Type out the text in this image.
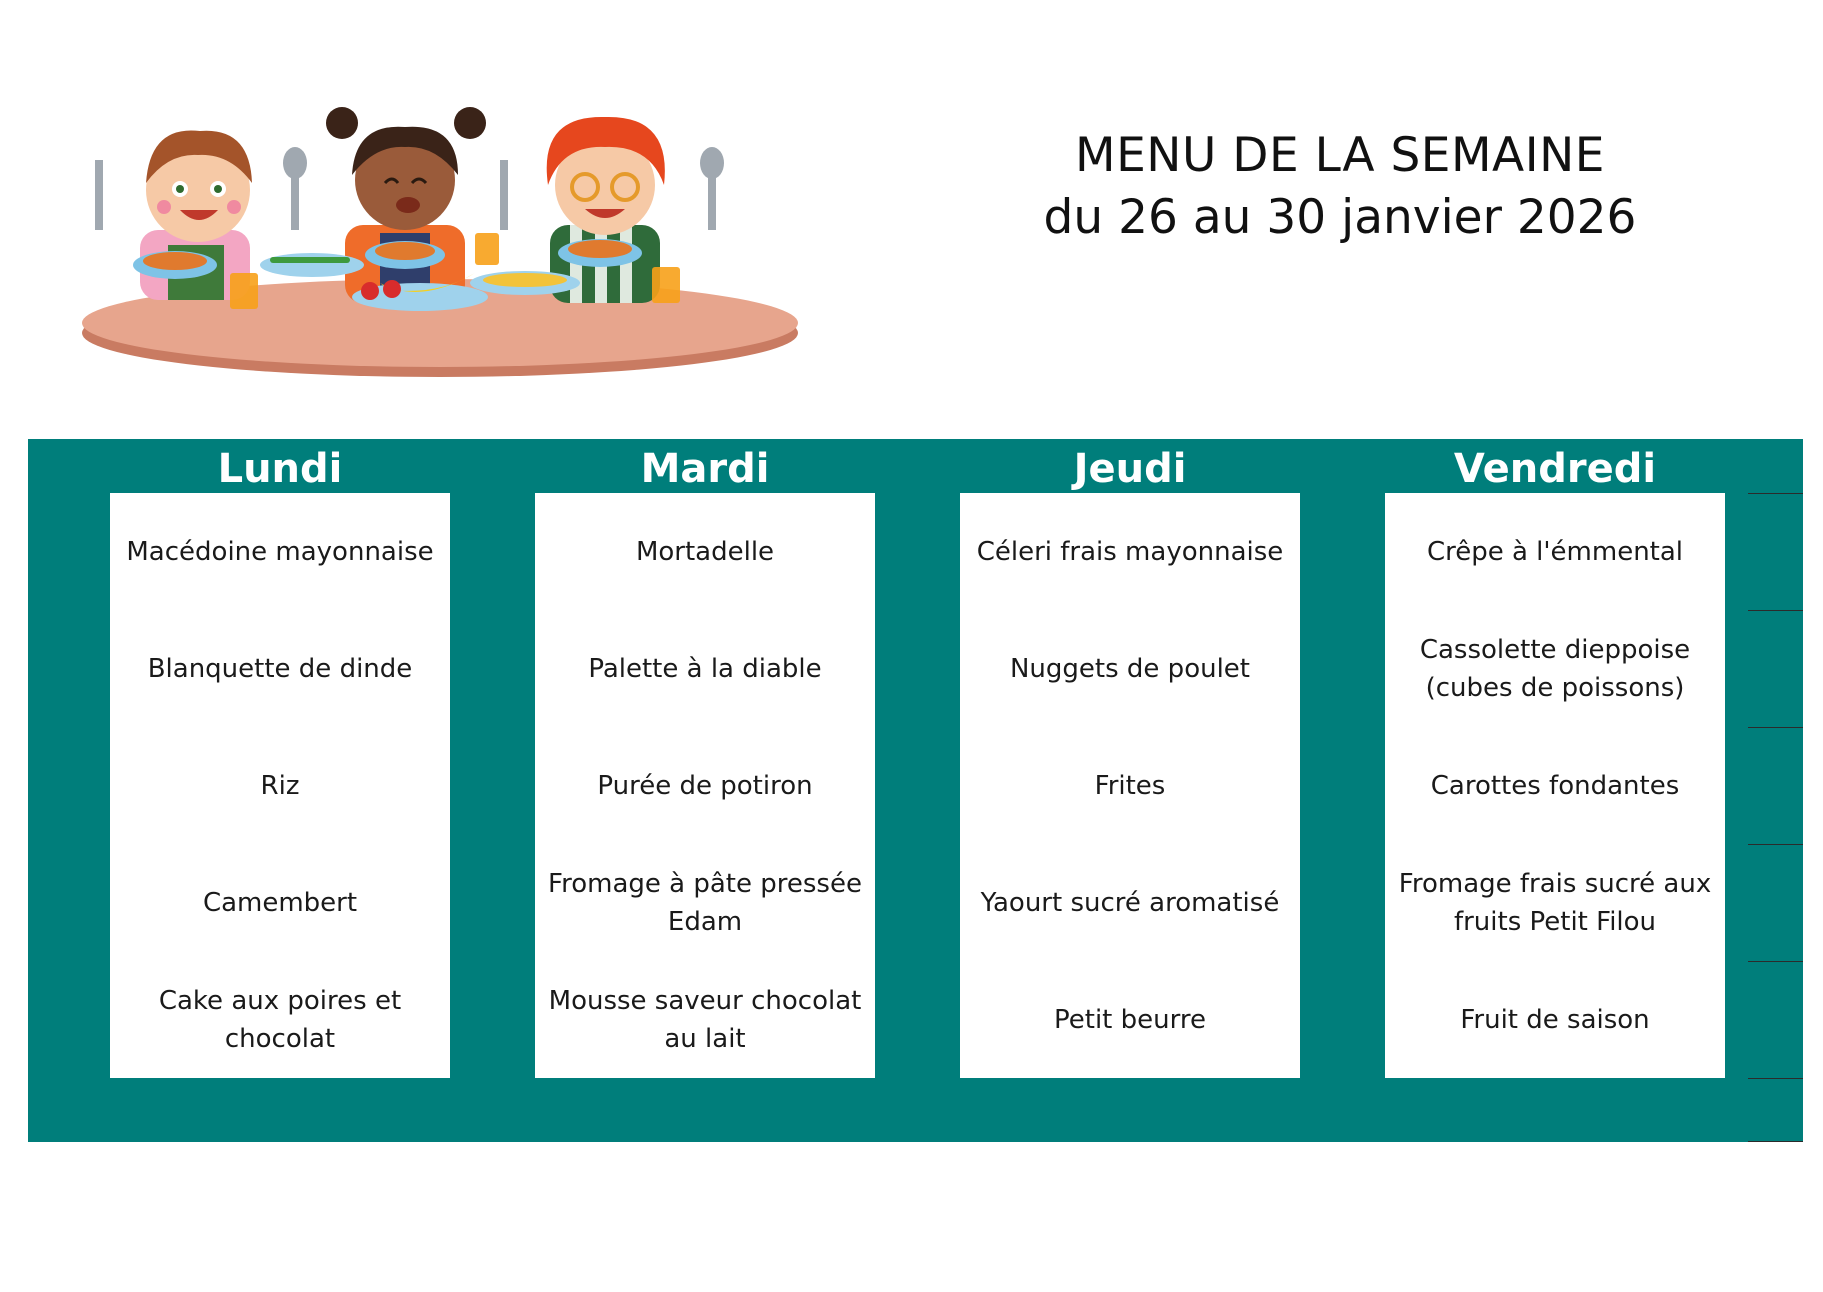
MENU DE LA SEMAINE
du 26 au 30 janvier 2026
Lundi
Macédoine mayonnaise
Blanquette de dinde
Riz
Camembert
Cake aux poires et chocolat
Mardi
Mortadelle
Palette à la diable
Purée de potiron
Fromage à pâte pressée Edam
Mousse saveur chocolat au lait
Jeudi
Céleri frais mayonnaise
Nuggets de poulet
Frites
Yaourt sucré aromatisé
Petit beurre
Vendredi
Crêpe à l'émmental
Cassolette dieppoise (cubes de poissons)
Carottes fondantes
Fromage frais sucré aux fruits Petit Filou
Fruit de saison
